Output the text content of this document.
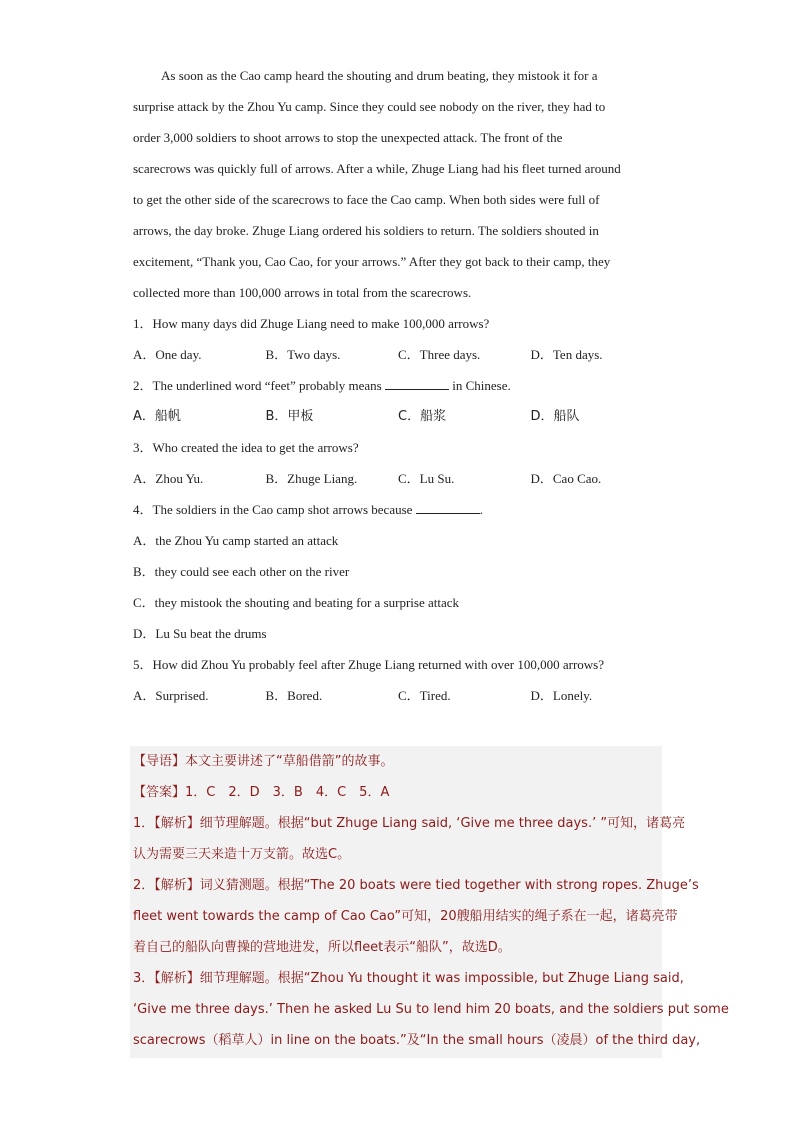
As soon as the Cao camp heard the shouting and drum beating, they mistook it for a
surprise attack by the Zhou Yu camp. Since they could see nobody on the river, they had to
order 3,000 soldiers to shoot arrows to stop the unexpected attack. The front of the
scarecrows was quickly full of arrows. After a while, Zhuge Liang had his fleet turned around
to get the other side of the scarecrows to face the Cao camp. When both sides were full of
arrows, the day broke. Zhuge Liang ordered his soldiers to return. The soldiers shouted in
excitement, “Thank you, Cao Cao, for your arrows.” After they got back to their camp, they
collected more than 100,000 arrows in total from the scarecrows.

1．How many days did Zhuge Liang need to make 100,000 arrows?
A．One day.	B．Two days.	C．Three days.	D．Ten days.
2．The underlined word “feet” probably means	in Chinese.
A．船帆	B．甲板	C．船浆	D．船队
3．Who created the idea to get the arrows?
A．Zhou Yu.	B．Zhuge Liang.	C．Lu Su.	D．Cao Cao.
4．The soldiers in the Cao camp shot arrows because	.
A．the Zhou Yu camp started an attack
B．they could see each other on the river
C．they mistook the shouting and beating for a surprise attack
D．Lu Su beat the drums
5．How did Zhou Yu probably feel after Zhuge Liang returned with over 100,000 arrows?
A．Surprised.	B．Bored.	C．Tired.	D．Lonely.
【导语】本文主要讲述了“草船借箭”的故事。
【答案】1．C　2．D　3．B　4．C　5．A
1．【解析】细节理解题。根据“but Zhuge Liang said, ‘Give me three days.’ ”可知，诸葛亮
认为需要三天来造十万支箭。故选C。
2．【解析】词义猜测题。根据“The 20 boats were tied together with strong ropes. Zhuge’s
fleet went towards the camp of Cao Cao”可知，20艘船用结实的绳子系在一起，诸葛亮带
着自己的船队向曹操的营地进发，所以fleet表示“船队”，故选D。
3．【解析】细节理解题。根据“Zhou Yu thought it was impossible, but Zhuge Liang said,
‘Give me three days.’ Then he asked Lu Su to lend him 20 boats, and the soldiers put some
scarecrows（稻草人）in line on the boats.”及“In the small hours（凌晨）of the third day,
